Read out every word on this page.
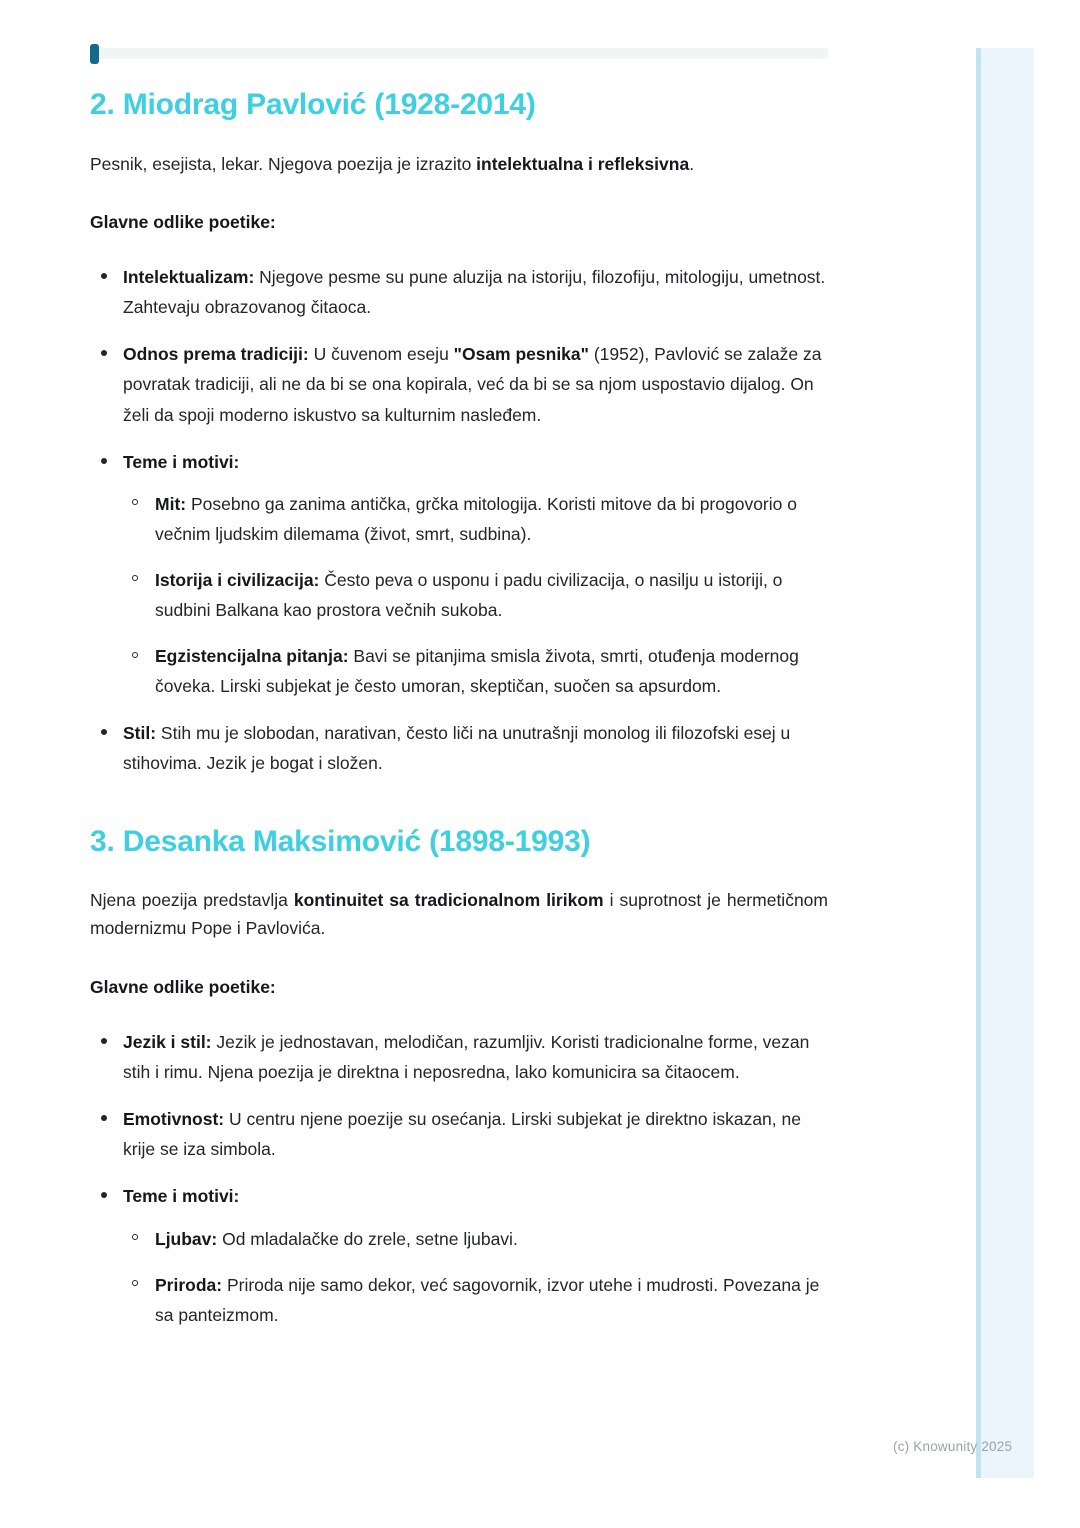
2. Miodrag Pavlović (1928-2014)

Pesnik, esejista, lekar. Njegova poezija je izrazito intelektualna i refleksivna.

Glavne odlike poetike:

Intelektualizam: Njegove pesme su pune aluzija na istoriju, filozofiju, mitologiju, umetnost. Zahtevaju obrazovanog čitaoca.
Odnos prema tradiciji: U čuvenom eseju "Osam pesnika" (1952), Pavlović se zalaže za povratak tradiciji, ali ne da bi se ona kopirala, već da bi se sa njom uspostavio dijalog. On želi da spoji moderno iskustvo sa kulturnim nasleđem.
Teme i motivi:
Mit: Posebno ga zanima antička, grčka mitologija. Koristi mitove da bi progovorio o večnim ljudskim dilemama (život, smrt, sudbina).
Istorija i civilizacija: Često peva o usponu i padu civilizacija, o nasilju u istoriji, o sudbini Balkana kao prostora večnih sukoba.
Egzistencijalna pitanja: Bavi se pitanjima smisla života, smrti, otuđenja modernog čoveka. Lirski subjekat je često umoran, skeptičan, suočen sa apsurdom.
Stil: Stih mu je slobodan, narativan, često liči na unutrašnji monolog ili filozofski esej u stihovima. Jezik je bogat i složen.
3. Desanka Maksimović (1898-1993)

Njena poezija predstavlja kontinuitet sa tradicionalnom lirikom i suprotnost je hermetičnom modernizmu Pope i Pavlovića.

Glavne odlike poetike:

Jezik i stil: Jezik je jednostavan, melodičan, razumljiv. Koristi tradicionalne forme, vezan stih i rimu. Njena poezija je direktna i neposredna, lako komunicira sa čitaocem.
Emotivnost: U centru njene poezije su osećanja. Lirski subjekat je direktno iskazan, ne krije se iza simbola.
Teme i motivi:
Ljubav: Od mladalačke do zrele, setne ljubavi.
Priroda: Priroda nije samo dekor, već sagovornik, izvor utehe i mudrosti. Povezana je sa panteizmom.
(c) Knowunity 2025
